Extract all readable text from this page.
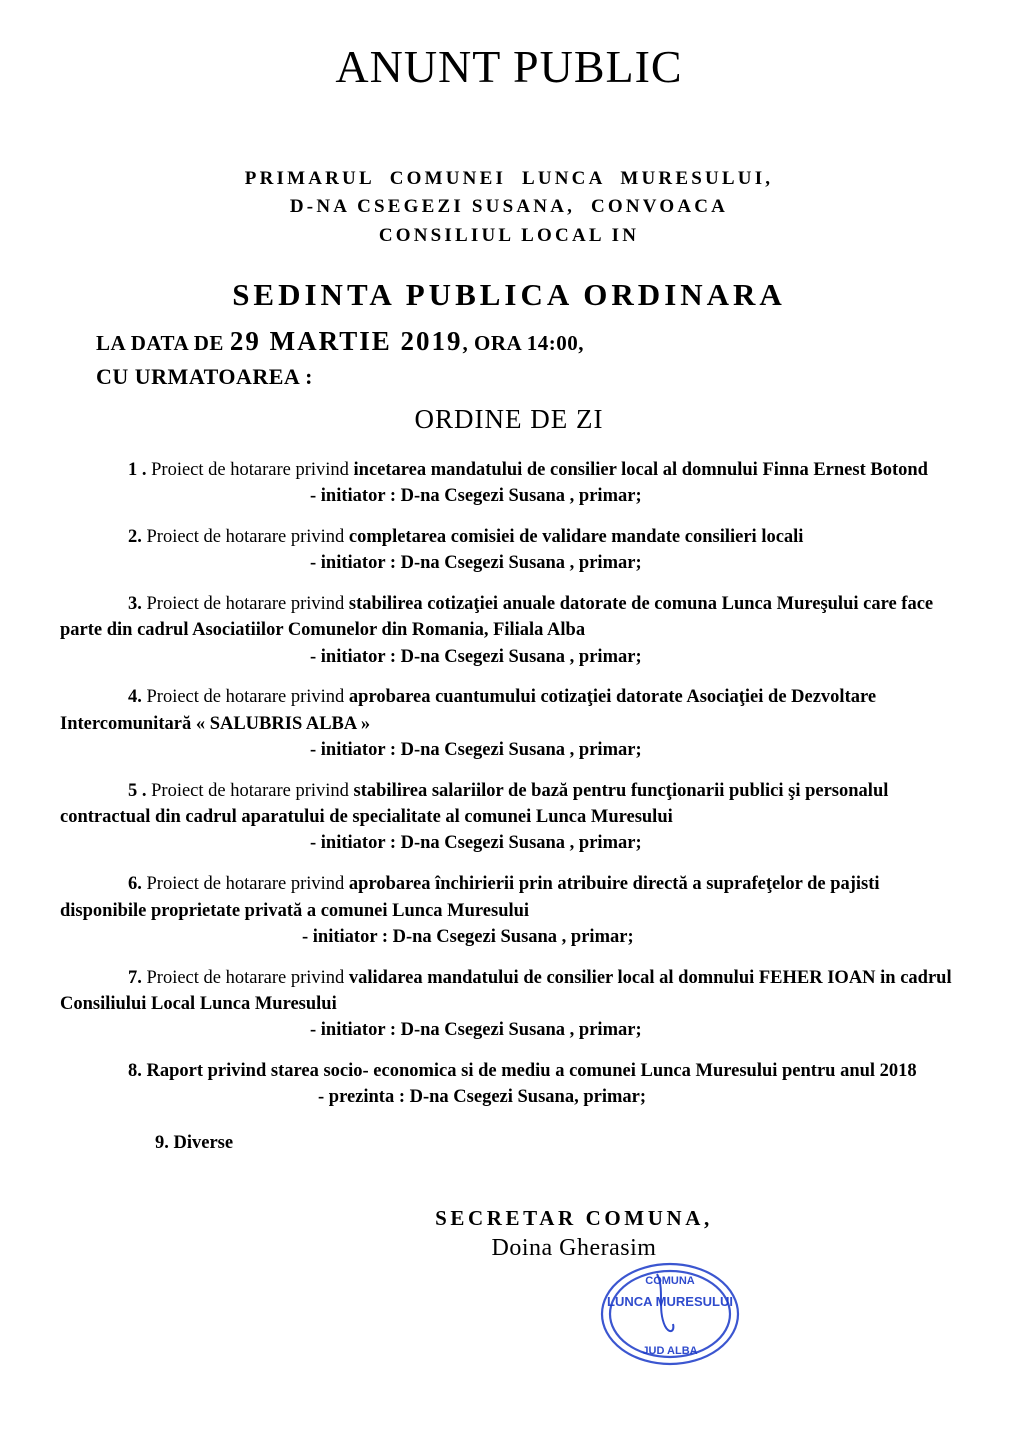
ANUNT PUBLIC
PRIMARUL  COMUNEI  LUNCA  MURESULUI,
D-NA CSEGEZI SUSANA,  CONVOACA
CONSILIUL LOCAL IN
SEDINTA PUBLICA ORDINARA
LA DATA DE 29 MARTIE 2019, ORA 14:00,
CU URMATOAREA :
ORDINE DE ZI
1 . Proiect de hotarare privind incetarea mandatului de consilier local al domnului Finna Ernest Botond
- initiator : D-na Csegezi Susana , primar;
2. Proiect de hotarare privind completarea comisiei de validare mandate consilieri locali
- initiator : D-na Csegezi Susana , primar;
3. Proiect de hotarare privind stabilirea cotizaţiei anuale datorate de comuna Lunca Mureşului care face parte din cadrul Asociatiilor Comunelor din Romania, Filiala Alba
- initiator : D-na Csegezi Susana , primar;
4. Proiect de hotarare privind aprobarea cuantumului cotizaţiei datorate Asociaţiei de Dezvoltare Intercomunitară « SALUBRIS ALBA »
- initiator : D-na Csegezi Susana , primar;
5 . Proiect de hotarare privind stabilirea salariilor de bază pentru funcţionarii publici şi personalul contractual din cadrul aparatului de specialitate al comunei Lunca Muresului
- initiator : D-na Csegezi Susana , primar;
6. Proiect de hotarare privind aprobarea închirierii prin atribuire directă a suprafeţelor de pajisti disponibile proprietate privată a comunei Lunca Muresului
- initiator : D-na Csegezi Susana , primar;
7. Proiect de hotarare privind validarea mandatului de consilier local al domnului FEHER IOAN in cadrul Consiliului Local Lunca Muresului
- initiator : D-na Csegezi Susana , primar;
8. Raport privind starea socio- economica si de mediu a comunei Lunca Muresului pentru anul 2018
- prezinta : D-na Csegezi Susana, primar;
9. Diverse
SECRETAR COMUNA,
Doina Gherasim
COMUNA
LUNCA MURESULUI
JUD ALBA
